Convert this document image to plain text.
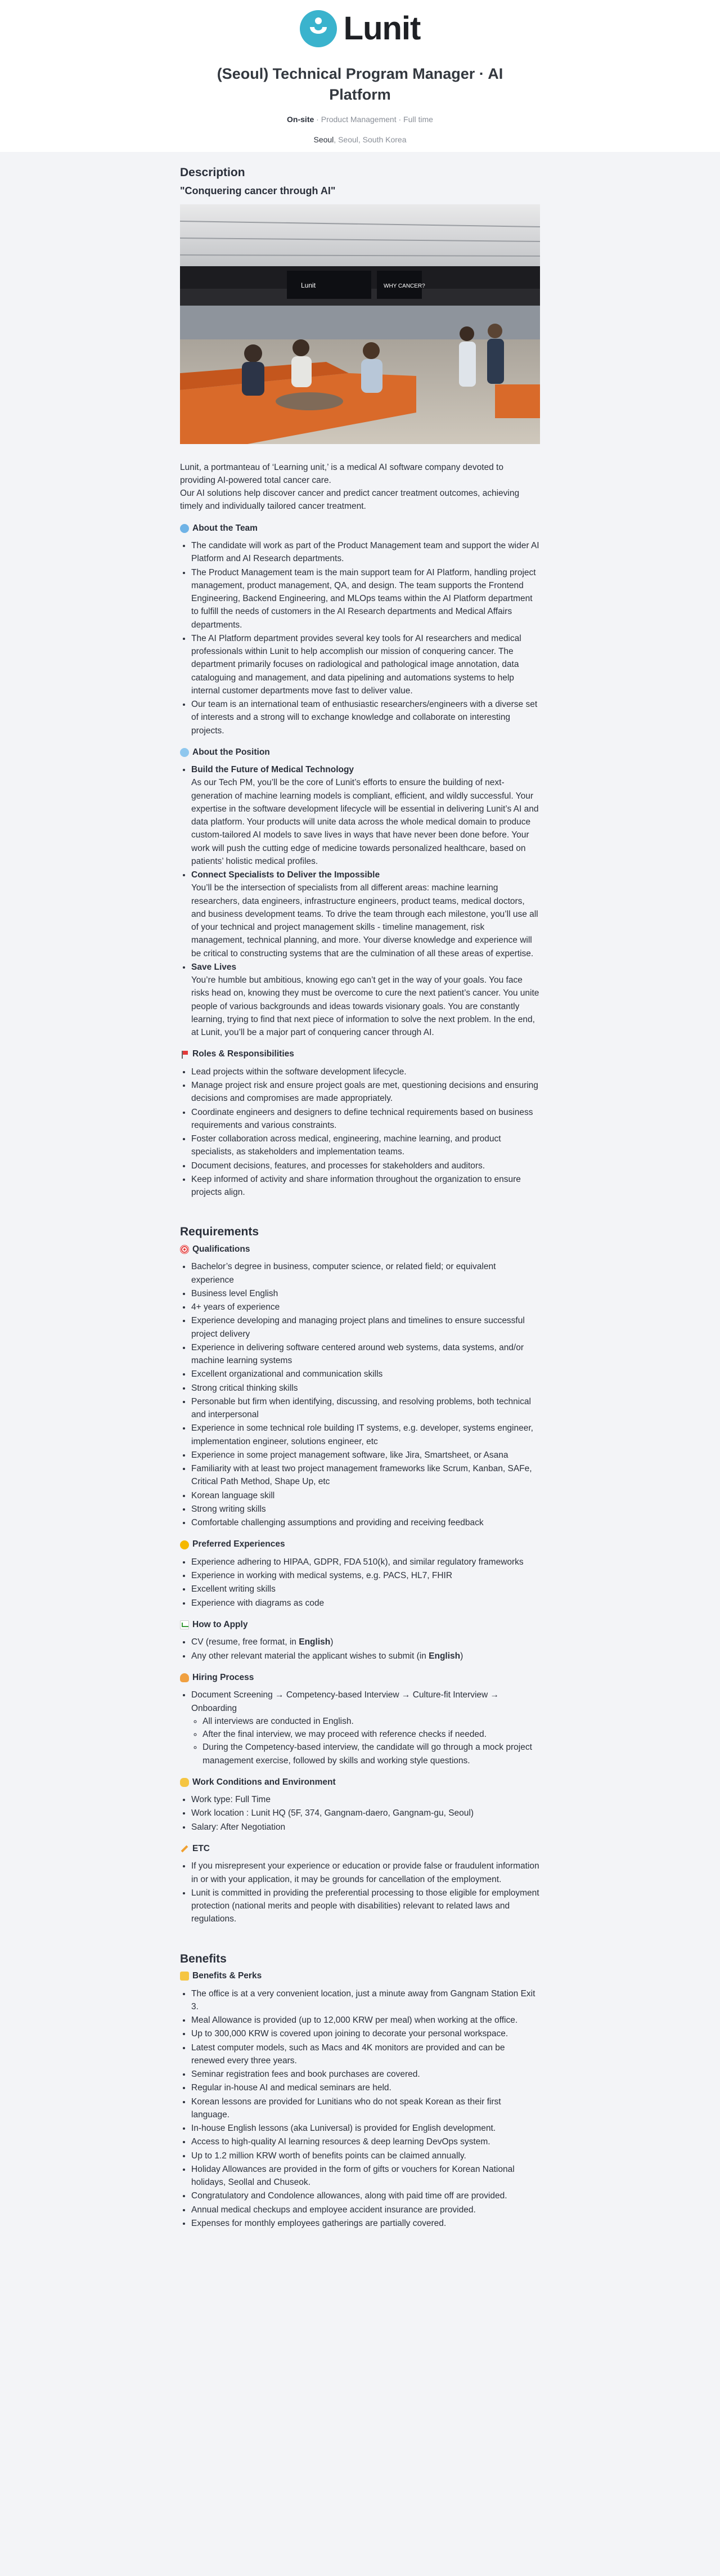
Lunit
(Seoul) Technical Program Manager · AI Platform
On-site · Product Management · Full time
Seoul, Seoul, South Korea
Description
"Conquering cancer through AI"
Lunit	WHY CANCER?

Lunit, a portmanteau of ‘Learning unit,’ is a medical AI software company devoted to providing AI-powered total cancer care.

Our AI solutions help discover cancer and predict cancer treatment outcomes, achieving timely and individually tailored cancer treatment.

About the Team
• The candidate will work as part of the Product Management team and support the wider AI Platform and AI Research departments.
• The Product Management team is the main support team for AI Platform, handling project management, product management, QA, and design. The team supports the Frontend Engineering, Backend Engineering, and MLOps teams within the AI Platform department to fulfill the needs of customers in the AI Research departments and Medical Affairs departments.
• The AI Platform department provides several key tools for AI researchers and medical professionals within Lunit to help accomplish our mission of conquering cancer. The department primarily focuses on radiological and pathological image annotation, data cataloguing and management, and data pipelining and automations systems to help internal customer departments move fast to deliver value.
• Our team is an international team of enthusiastic researchers/engineers with a diverse set of interests and a strong will to exchange knowledge and collaborate on interesting projects.
About the Position
• Build the Future of Medical Technology
As our Tech PM, you’ll be the core of Lunit’s efforts to ensure the building of next-generation of machine learning models is compliant, efficient, and wildly successful. Your expertise in the software development lifecycle will be essential in delivering Lunit’s AI and data platform. Your products will unite data across the whole medical domain to produce custom-tailored AI models to save lives in ways that have never been done before. Your work will push the cutting edge of medicine towards personalized healthcare, based on patients’ holistic medical profiles.
• Connect Specialists to Deliver the Impossible
You’ll be the intersection of specialists from all different areas: machine learning researchers, data engineers, infrastructure engineers, product teams, medical doctors, and business development teams. To drive the team through each milestone, you’ll use all of your technical and project management skills - timeline management, risk management, technical planning, and more. Your diverse knowledge and experience will be critical to constructing systems that are the culmination of all these areas of expertise.
• Save Lives
You’re humble but ambitious, knowing ego can’t get in the way of your goals. You face risks head on, knowing they must be overcome to cure the next patient’s cancer. You unite people of various backgrounds and ideas towards visionary goals. You are constantly learning, trying to find that next piece of information to solve the next problem. In the end, at Lunit, you’ll be a major part of conquering cancer through AI.
Roles & Responsibilities
• Lead projects within the software development lifecycle.
• Manage project risk and ensure project goals are met, questioning decisions and ensuring decisions and compromises are made appropriately.
• Coordinate engineers and designers to define technical requirements based on business requirements and various constraints.
• Foster collaboration across medical, engineering, machine learning, and product specialists, as stakeholders and implementation teams.
• Document decisions, features, and processes for stakeholders and auditors.
• Keep informed of activity and share information throughout the organization to ensure projects align.
Requirements
Qualifications
• Bachelor’s degree in business, computer science, or related field; or equivalent experience
• Business level English
• 4+ years of experience
• Experience developing and managing project plans and timelines to ensure successful project delivery
• Experience in delivering software centered around web systems, data systems, and/or machine learning systems
• Excellent organizational and communication skills
• Strong critical thinking skills
• Personable but firm when identifying, discussing, and resolving problems, both technical and interpersonal
• Experience in some technical role building IT systems, e.g. developer, systems engineer, implementation engineer, solutions engineer, etc
• Experience in some project management software, like Jira, Smartsheet, or Asana
• Familiarity with at least two project management frameworks like Scrum, Kanban, SAFe, Critical Path Method, Shape Up, etc
• Korean language skill
• Strong writing skills
• Comfortable challenging assumptions and providing and receiving feedback
Preferred Experiences
• Experience adhering to HIPAA, GDPR, FDA 510(k), and similar regulatory frameworks
• Experience in working with medical systems, e.g. PACS, HL7, FHIR
• Excellent writing skills
• Experience with diagrams as code
How to Apply
• CV (resume, free format, in English)
• Any other relevant material the applicant wishes to submit (in English)
Hiring Process
• Document Screening → Competency-based Interview → Culture-fit Interview → Onboarding
◦ All interviews are conducted in English.
◦ After the final interview, we may proceed with reference checks if needed.
◦ During the Competency-based interview, the candidate will go through a mock project management exercise, followed by skills and working style questions.
Work Conditions and Environment
• Work type: Full Time
• Work location : Lunit HQ (5F, 374, Gangnam-daero, Gangnam-gu, Seoul)
• Salary: After Negotiation
ETC
• If you misrepresent your experience or education or provide false or fraudulent information in or with your application, it may be grounds for cancellation of the employment.
• Lunit is committed in providing the preferential processing to those eligible for employment protection (national merits and people with disabilities) relevant to related laws and regulations.
Benefits
Benefits & Perks
• The office is at a very convenient location, just a minute away from Gangnam Station Exit 3.
• Meal Allowance is provided (up to 12,000 KRW per meal) when working at the office.
• Up to 300,000 KRW is covered upon joining to decorate your personal workspace.
• Latest computer models, such as Macs and 4K monitors are provided and can be renewed every three years.
• Seminar registration fees and book purchases are covered.
• Regular in-house AI and medical seminars are held.
• Korean lessons are provided for Lunitians who do not speak Korean as their first language.
• In-house English lessons (aka Luniversal) is provided for English development.
• Access to high-quality AI learning resources & deep learning DevOps system.
• Up to 1.2 million KRW worth of benefits points can be claimed annually.
• Holiday Allowances are provided in the form of gifts or vouchers for Korean National holidays, Seollal and Chuseok.
• Congratulatory and Condolence allowances, along with paid time off are provided.
• Annual medical checkups and employee accident insurance are provided.
• Expenses for monthly employees gatherings are partially covered.
